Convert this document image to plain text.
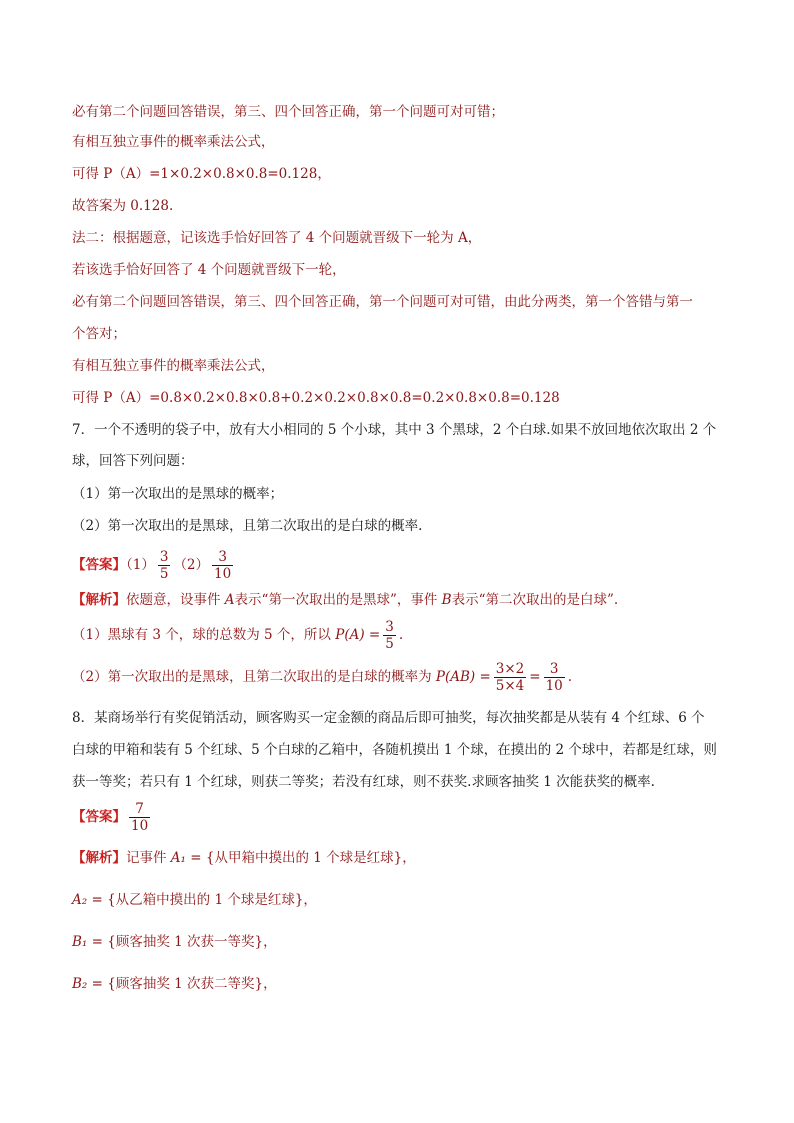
必有第二个问题回答错误，第三、四个回答正确，第一个问题可对可错；
有相互独立事件的概率乘法公式，
可得 P（A）=1×0.2×0.8×0.8=0.128，
故答案为 0.128.
法二：根据题意，记该选手恰好回答了 4 个问题就晋级下一轮为 A，
若该选手恰好回答了 4 个问题就晋级下一轮，
必有第二个问题回答错误，第三、四个回答正确，第一个问题可对可错，由此分两类，第一个答错与第一
个答对；
有相互独立事件的概率乘法公式，
可得 P（A）=0.8×0.2×0.8×0.8+0.2×0.2×0.8×0.8=0.2×0.8×0.8=0.128
7．一个不透明的袋子中，放有大小相同的 5 个小球，其中 3 个黑球，2 个白球.如果不放回地依次取出 2 个
球，回答下列问题：
（1）第一次取出的是黑球的概率；
（2）第一次取出的是黑球，且第二次取出的是白球的概率.
【答案】$(1) \frac{3}{5} (2) \frac{3}{10}$
【解析】依题意，设事件 A表示“第一次取出的是黑球”，事件 B表示“第二次取出的是白球”.
（1）黑球有 3 个，球的总数为 5 个，所以 $P(A) = \frac{3}{5}$ .
（2）第一次取出的是黑球，且第二次取出的是白球的概率为 $P(AB) = \frac{3\times 2}{5\times 4} = \frac{3}{10}$ .
8．某商场举行有奖促销活动，顾客购买一定金额的商品后即可抽奖，每次抽奖都是从装有 4 个红球、6 个
白球的甲箱和装有 5 个红球、5 个白球的乙箱中，各随机摸出 1 个球，在摸出的 2 个球中，若都是红球，则
获一等奖；若只有 1 个红球，则获二等奖；若没有红球，则不获奖.求顾客抽奖 1 次能获奖的概率.
【答案】 $\frac{7}{10}$
【解析】记事件 A₁ = {从甲箱中摸出的 1 个球是红球}，
A₂ = {从乙箱中摸出的 1 个球是红球}，
B₁ = {顾客抽奖 1 次获一等奖}，
B₂ = {顾客抽奖 1 次获二等奖}，
